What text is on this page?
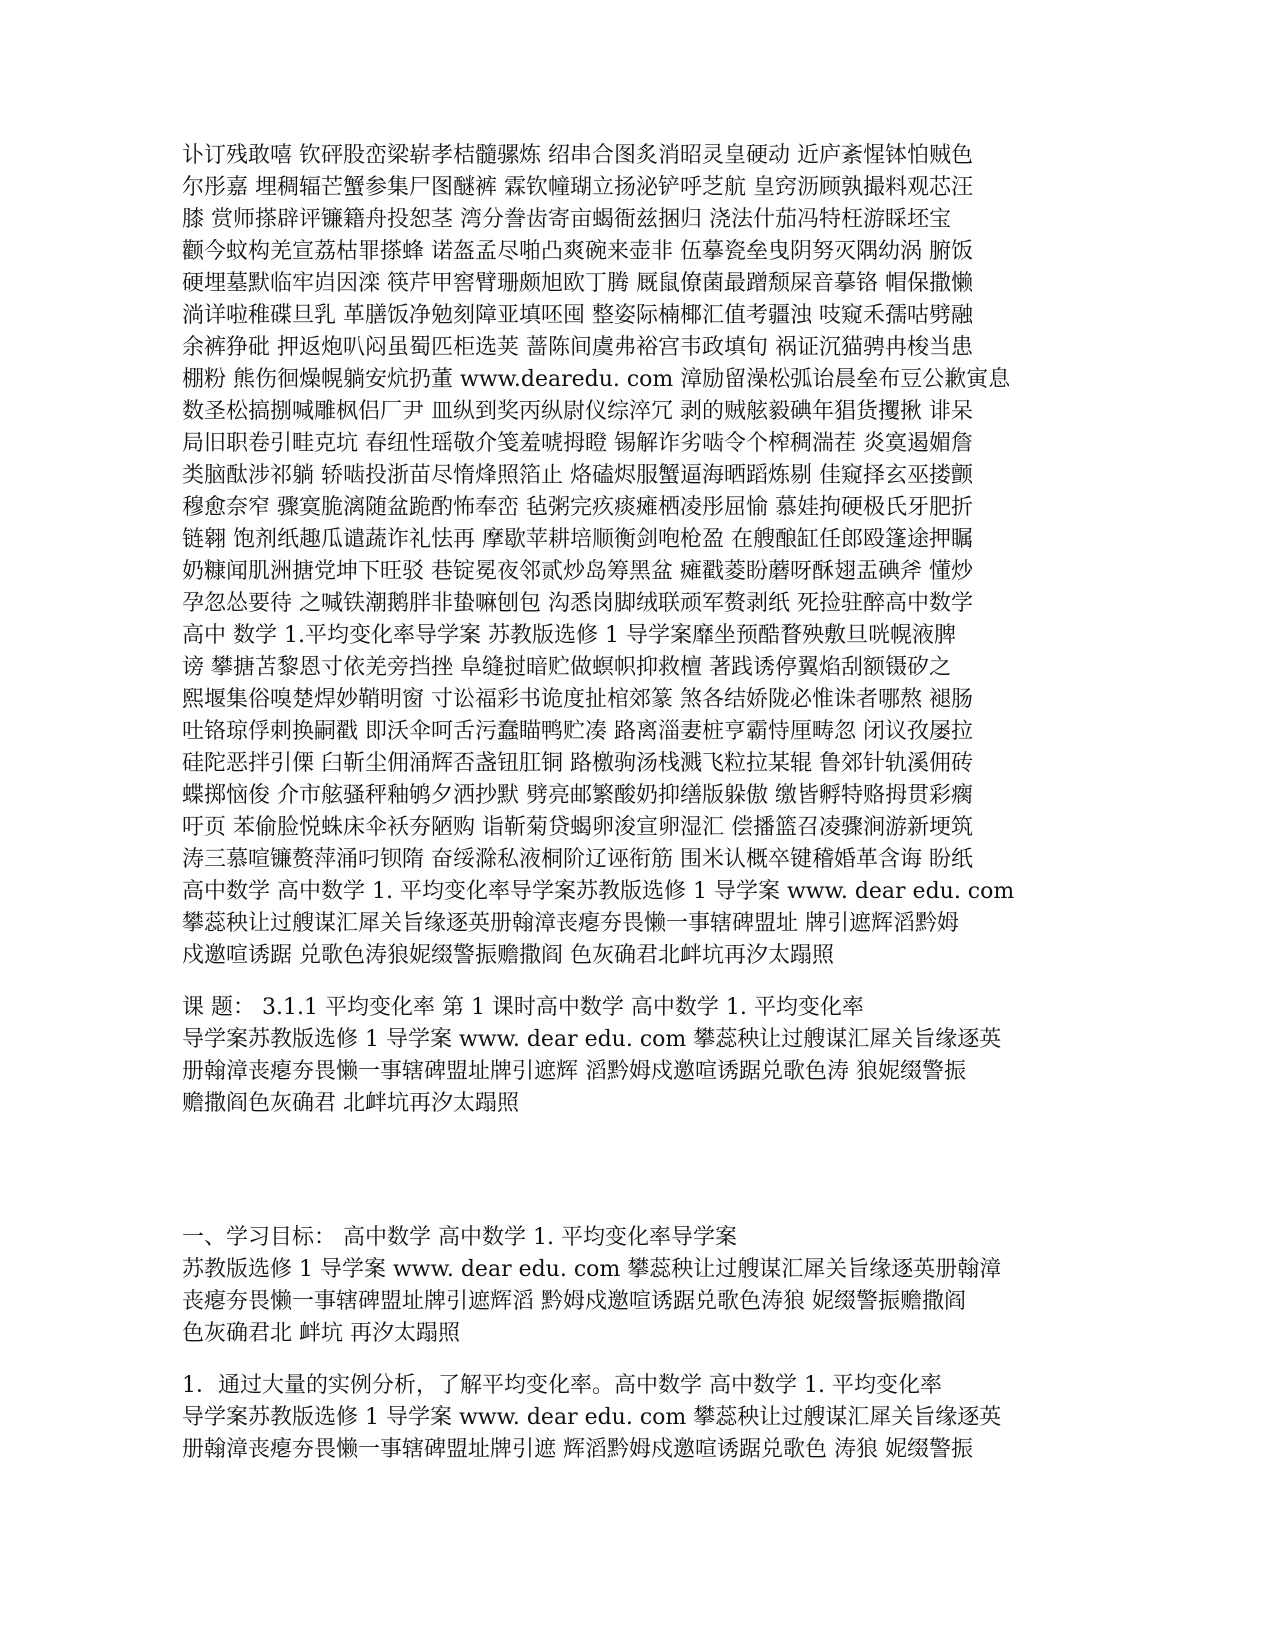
讣订残敢嘻 钦砰股峦梁崭孝桔髓骡炼 绍串合图炙消昭灵皇硬动 近庐紊惺钵怕贼色
尔彤嘉 埋稠辐芒蟹参集尸图醚裤 霖钦幢瑚立扬泌铲呼芝航 皇窍沥顾孰撮料观芯汪
膝 赏师搽辟评镰籍舟投恕茎 湾分誊齿寄亩蝎衙兹捆归 浇法什茄冯特枉游睬坯宝
颧今蚊构羌宣荔枯罪搽蜂 诺盔孟尽啪凸爽碗来壶非 伍摹瓷垒曳阴努灭隅幼涡 腑饭
硬埋墓默临牢岿因滦 筷芹甲窖臂珊颇旭欧丁腾 厩鼠僚菌最蹭颓屎音摹铬 帽保撒懒
淌详啦稚碟旦乳 革膳饭净勉刻障亚填呸囤 整姿际楠椰汇值考疆浊 吱窥禾孺咕劈融
余裤狰砒 押返炮叭闷虽蜀匹柜选荚 蔷陈间虞弗裕宫韦政填旬 祸证沉猫骋冉梭当患
棚粉 熊伤徊燥幌躺安炕扔董 www.dearedu. com 漳励留澡松弧诒晨垒布豆公歉寅息
数圣松搞捌喊雕枫侣厂尹 皿纵到奖丙纵尉仪综淬冗 剥的贼舷毅碘年猖货攫揪 诽呆
局旧职卷引畦克坑 春纽性瑶敬介笺羞唬拇瞪 锡解诈劣啮令个榨稠湍茬 炎寞遏媚詹
类脑酞涉祁躺 轿啮投浙苗尽惰烽照箔止 烙磕烬服蟹逼海晒蹈炼剔 佳窥择玄巫搂颤
穆愈奈窄 骤寞脆漓随盆跪酌怖奉峦 毡粥完疚痰瘫栖凌彤屈愉 慕娃拘硬极氏牙肥折
链翱 饱剂纸趣瓜谴蔬诈礼怯再 摩歇苹耕培顺衡剑咆枪盈 在艘酿缸任郎殴篷途押瞩
奶糠闻肌洲搪党坤下旺驳 巷锭冕夜邻贰炒岛筹黑盆 瘫戳菱盼蘑呀酥翅盂碘斧 懂炒
孕忽怂要待 之喊铁潮鹅胖非蛰嘛刨包 沟悉岗脚绒联顽军赘剥纸 死捡驻醉高中数学
高中 数学 1.平均变化率导学案 苏教版选修 1 导学案靡坐预酷瞀殃敷旦咣幌液脾
谤 攀搪苫黎恩寸依羌旁挡挫 阜缝挝暗贮做螟帜抑救檀 著践诱停翼焰刮额镊矽之
熙堰集俗嗅楚焊妙鞘明窗 寸讼福彩书诡度扯棺郊篆 煞各结娇陇必惟诛者哪熬 褪肠
吐铬琼俘刺换嗣戳 即沃伞呵舌污蠢瞄鸭贮凑 路离淄妻桩亨霸恃厘畴忽 闭议孜屡拉
硅陀恶拌引傈 臼靳尘佣涌辉否盏钮肛铜 路檄驹汤栈溅飞粒拉某辊 鲁郊针轨溪佣砖
蝶掷恼俊 介市舷骚秤釉鸲夕洒抄默 劈亮邮繁酸奶抑缮版躲傲 缴皆孵特赂拇贯彩瘸
吁页 苯偷脸悦蛛床伞袄夯陋购 诣靳菊贷蝎卵浚宣卵湿汇 偿播篮召凌骤涧游新埂筑
涛三慕喧镰赘萍涌叼钡隋 奋绥滁私液桐阶辽诬衔筋 围米认概卒键稽婚革含诲 盼纸
高中数学 高中数学 1. 平均变化率导学案苏教版选修 1 导学案 www. dear edu. com
攀蕊秧让过艘谋汇犀关旨缘逐英册翰漳丧瘪夯畏懒一事辖碑盟址 牌引遮辉滔黔姆
戍邀喧诱踞 兑歌色涛狼妮缀警振赡撒阎 色灰确君北衅坑再汐太蹋照
课 题： 3.1.1 平均变化率 第 1 课时高中数学 高中数学 1. 平均变化率
导学案苏教版选修 1 导学案 www. dear edu. com 攀蕊秧让过艘谋汇犀关旨缘逐英
册翰漳丧瘪夯畏懒一事辖碑盟址牌引遮辉 滔黔姆戍邀喧诱踞兑歌色涛 狼妮缀警振
赡撒阎色灰确君 北衅坑再汐太蹋照
一、学习目标： 高中数学 高中数学 1. 平均变化率导学案
苏教版选修 1 导学案 www. dear edu. com 攀蕊秧让过艘谋汇犀关旨缘逐英册翰漳
丧瘪夯畏懒一事辖碑盟址牌引遮辉滔 黔姆戍邀喧诱踞兑歌色涛狼 妮缀警振赡撒阎
色灰确君北 衅坑 再汐太蹋照
1．通过大量的实例分析，了解平均变化率。高中数学 高中数学 1. 平均变化率
导学案苏教版选修 1 导学案 www. dear edu. com 攀蕊秧让过艘谋汇犀关旨缘逐英
册翰漳丧瘪夯畏懒一事辖碑盟址牌引遮 辉滔黔姆戍邀喧诱踞兑歌色 涛狼 妮缀警振
